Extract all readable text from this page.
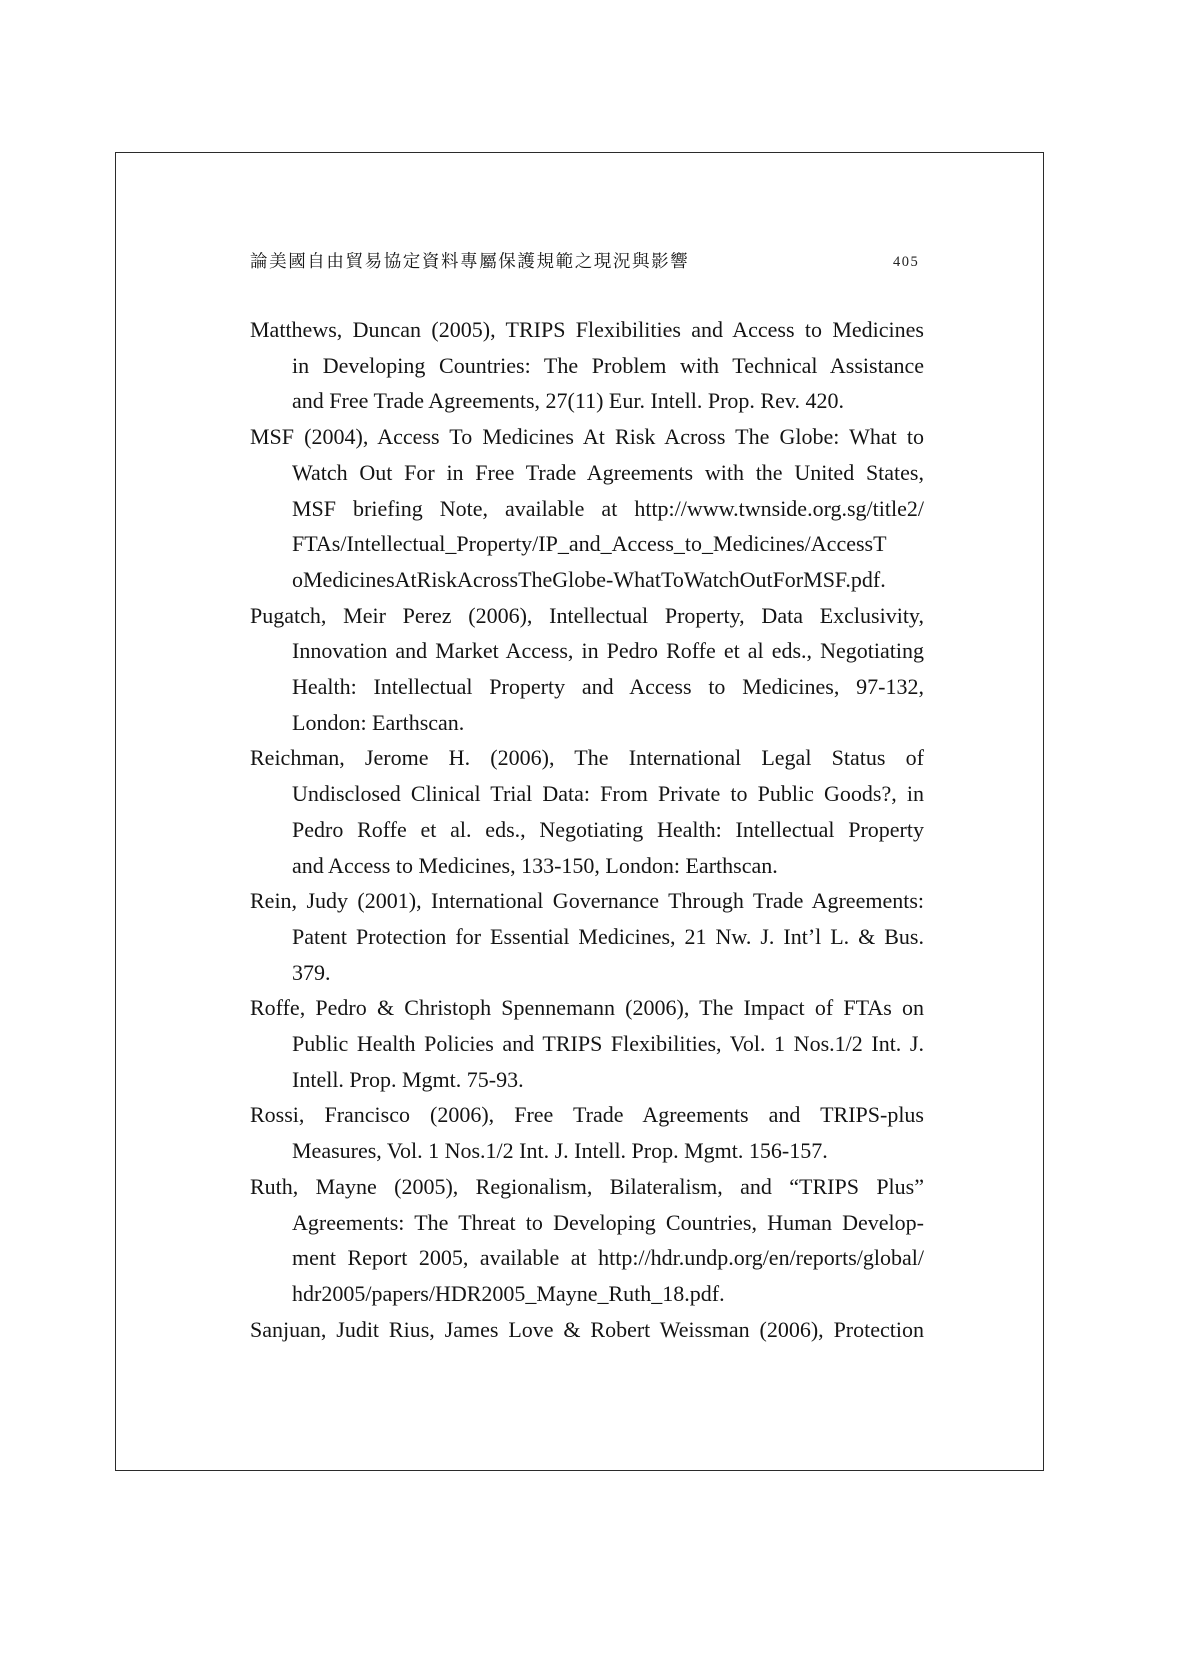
論美國自由貿易協定資料專屬保護規範之現況與影響	405
Matthews, Duncan (2005), TRIPS Flexibilities and Access to Medicines
in Developing Countries: The Problem with Technical Assistance
and Free Trade Agreements, 27(11) Eur. Intell. Prop. Rev. 420.
MSF (2004), Access To Medicines At Risk Across The Globe: What to
Watch Out For in Free Trade Agreements with the United States,
MSF briefing Note, available at http://www.twnside.org.sg/title2/
FTAs/Intellectual_Property/IP_and_Access_to_Medicines/AccessT
oMedicinesAtRiskAcrossTheGlobe-WhatToWatchOutForMSF.pdf.
Pugatch, Meir Perez (2006), Intellectual Property, Data Exclusivity,
Innovation and Market Access, in Pedro Roffe et al eds., Negotiating
Health: Intellectual Property and Access to Medicines, 97-132,
London: Earthscan.
Reichman, Jerome H. (2006), The International Legal Status of
Undisclosed Clinical Trial Data: From Private to Public Goods?, in
Pedro Roffe et al. eds., Negotiating Health: Intellectual Property
and Access to Medicines, 133-150, London: Earthscan.
Rein, Judy (2001), International Governance Through Trade Agreements:
Patent Protection for Essential Medicines, 21 Nw. J. Int’l L. & Bus.
379.
Roffe, Pedro & Christoph Spennemann (2006), The Impact of FTAs on
Public Health Policies and TRIPS Flexibilities, Vol. 1 Nos.1/2 Int. J.
Intell. Prop. Mgmt. 75-93.
Rossi, Francisco (2006), Free Trade Agreements and TRIPS-plus
Measures, Vol. 1 Nos.1/2 Int. J. Intell. Prop. Mgmt. 156-157.
Ruth, Mayne (2005), Regionalism, Bilateralism, and “TRIPS Plus”
Agreements: The Threat to Developing Countries, Human Develop-
ment Report 2005, available at http://hdr.undp.org/en/reports/global/
hdr2005/papers/HDR2005_Mayne_Ruth_18.pdf.
Sanjuan, Judit Rius, James Love & Robert Weissman (2006), Protection
